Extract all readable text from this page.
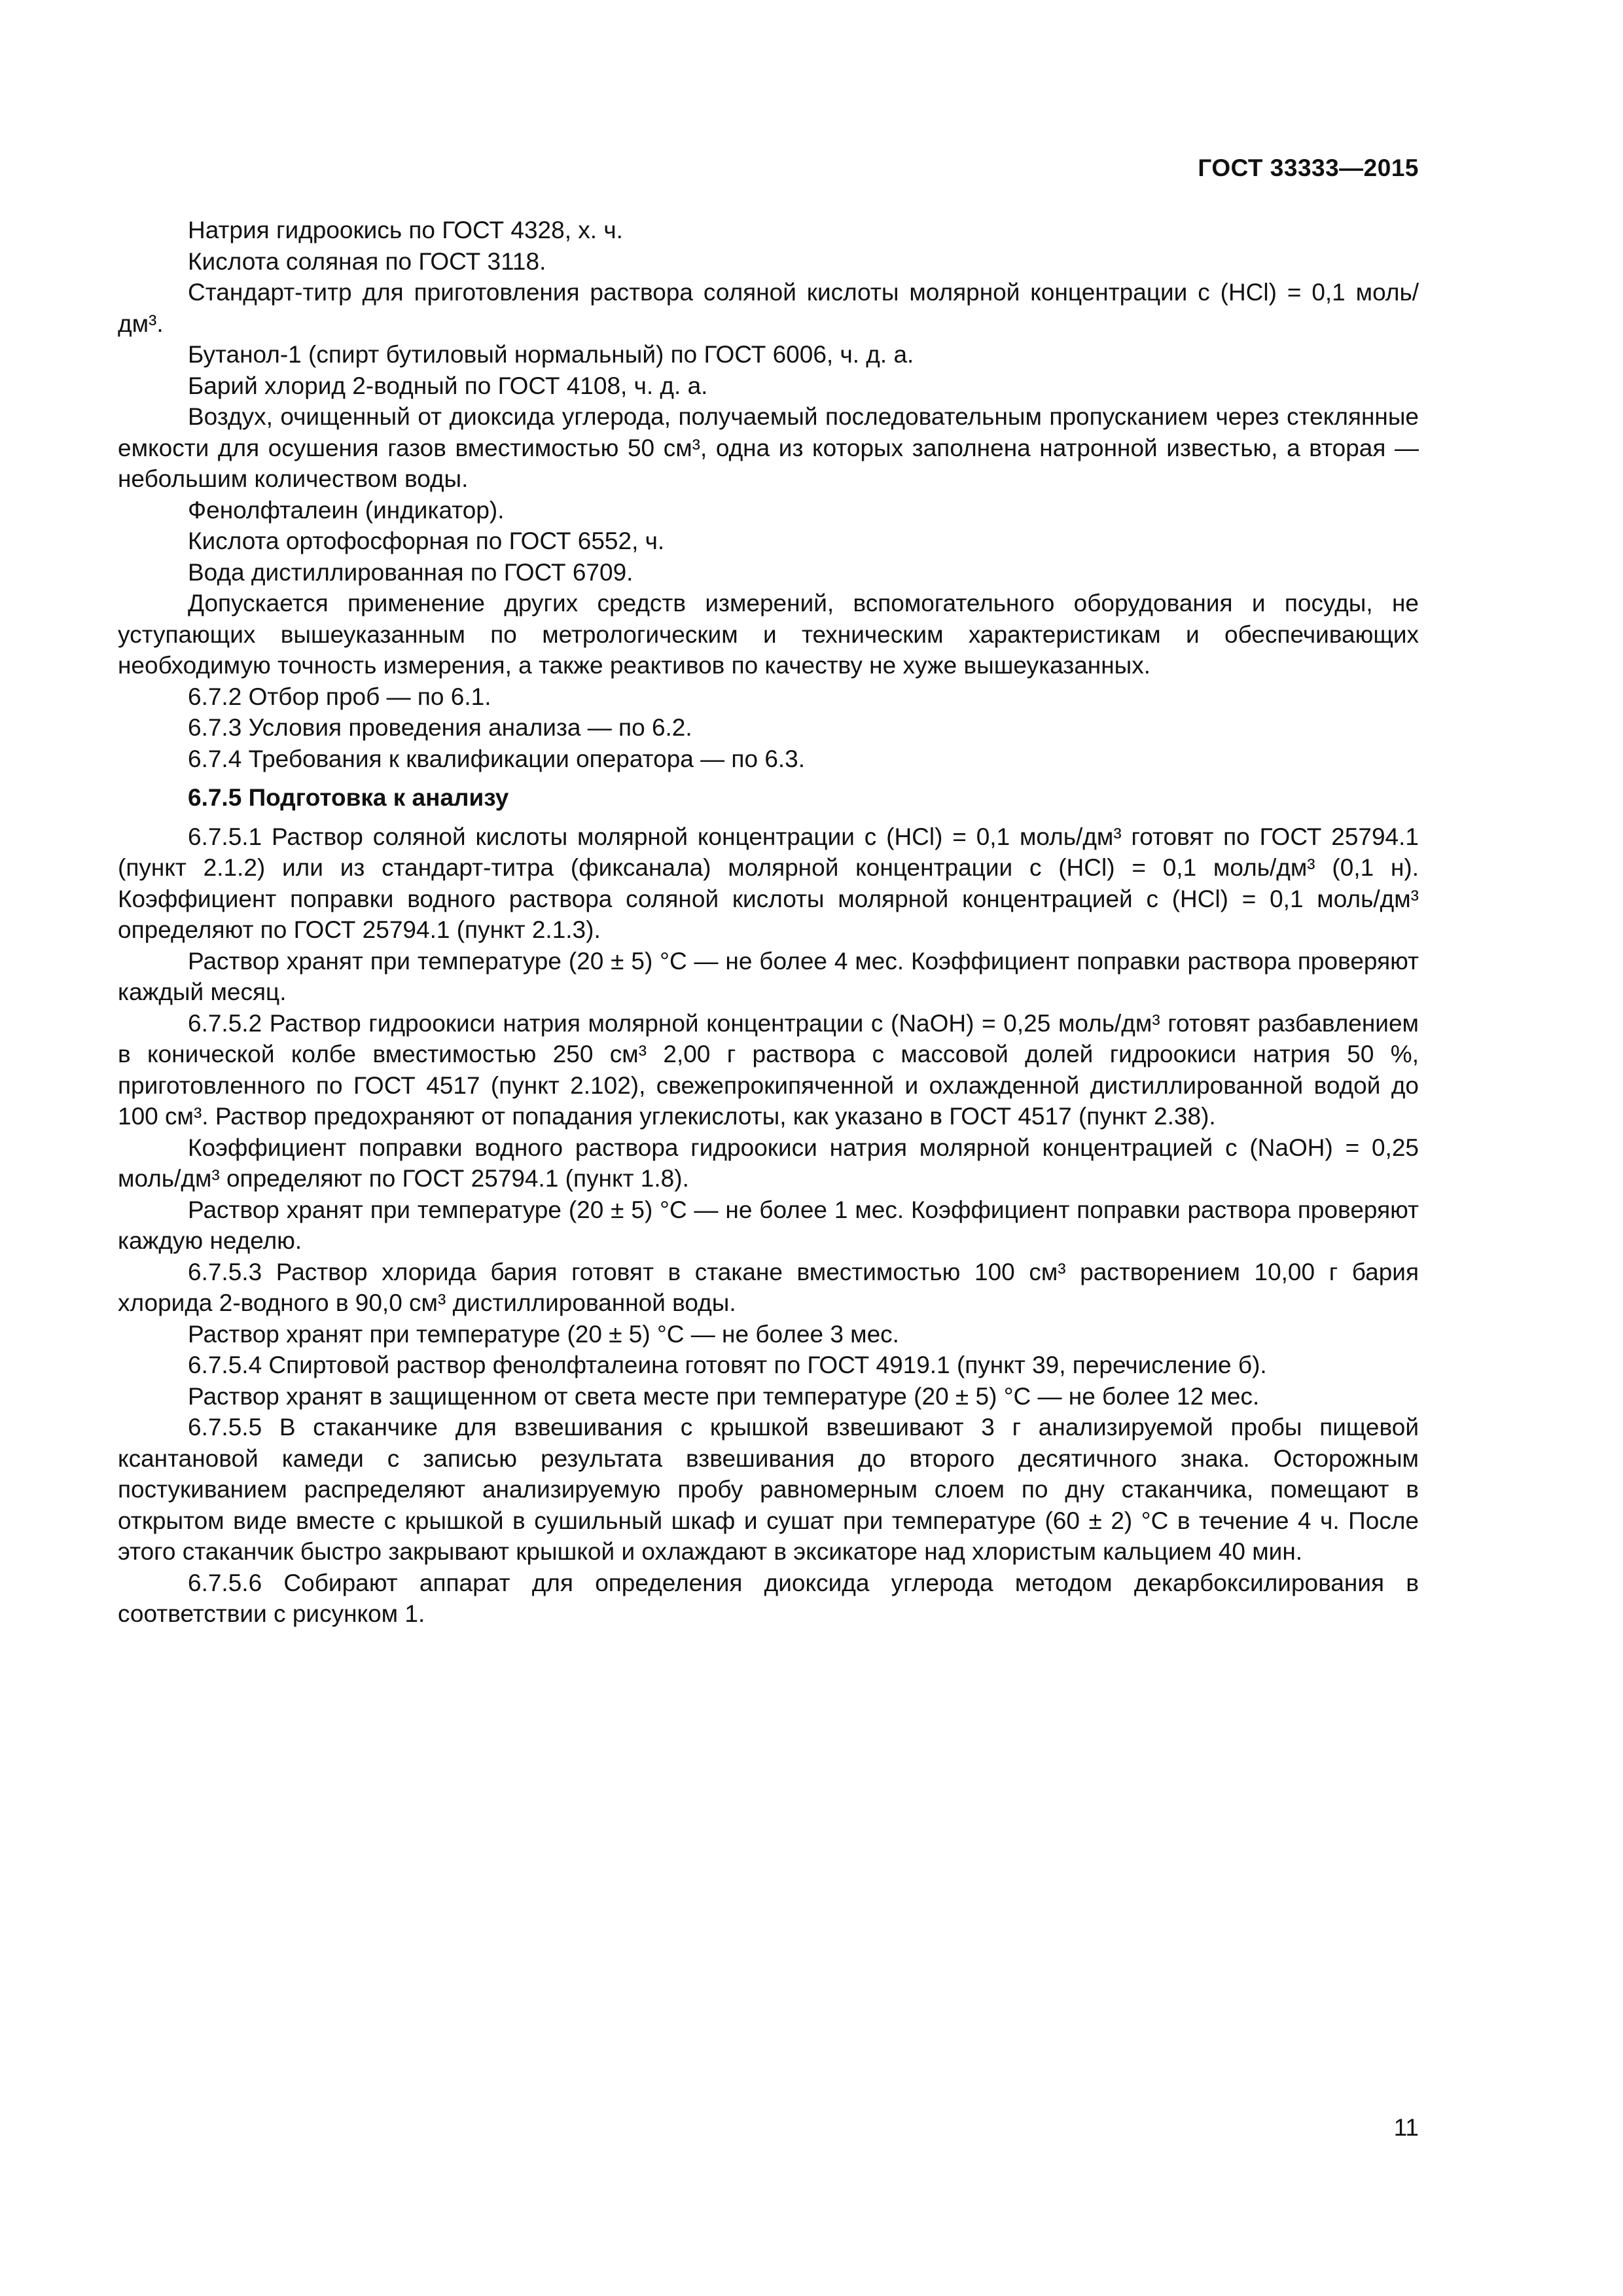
ГОСТ 33333—2015

Натрия гидроокись по ГОСТ 4328, х. ч.

Кислота соляная по ГОСТ 3118.

Стандарт-титр для приготовления раствора соляной кислоты молярной концентрации c (HCl) = 0,1 моль/дм³.

Бутанол-1 (спирт бутиловый нормальный) по ГОСТ 6006, ч. д. а.

Барий хлорид 2-водный по ГОСТ 4108, ч. д. а.

Воздух, очищенный от диоксида углерода, получаемый последовательным пропусканием через стеклянные емкости для осушения газов вместимостью 50 см³, одна из которых заполнена натронной известью, а вторая — небольшим количеством воды.

Фенолфталеин (индикатор).

Кислота ортофосфорная по ГОСТ 6552, ч.

Вода дистиллированная по ГОСТ 6709.

Допускается применение других средств измерений, вспомогательного оборудования и посуды, не уступающих вышеуказанным по метрологическим и техническим характеристикам и обеспечивающих необходимую точность измерения, а также реактивов по качеству не хуже вышеуказанных.

6.7.2 Отбор проб — по 6.1.

6.7.3 Условия проведения анализа — по 6.2.

6.7.4 Требования к квалификации оператора — по 6.3.

6.7.5 Подготовка к анализу

6.7.5.1 Раствор соляной кислоты молярной концентрации c (HCl) = 0,1 моль/дм³ готовят по ГОСТ 25794.1 (пункт 2.1.2) или из стандарт-титра (фиксанала) молярной концентрации c (HCl) = 0,1 моль/дм³ (0,1 н). Коэффициент поправки водного раствора соляной кислоты молярной концентрацией c (HCl) = 0,1 моль/дм³ определяют по ГОСТ 25794.1 (пункт 2.1.3).

Раствор хранят при температуре (20 ± 5) °С — не более 4 мес. Коэффициент поправки раствора проверяют каждый месяц.

6.7.5.2 Раствор гидроокиси натрия молярной концентрации c (NaOH) = 0,25 моль/дм³ готовят разбавлением в конической колбе вместимостью 250 см³ 2,00 г раствора с массовой долей гидроокиси натрия 50 %, приготовленного по ГОСТ 4517 (пункт 2.102), свежепрокипяченной и охлажденной дистиллированной водой до 100 см³. Раствор предохраняют от попадания углекислоты, как указано в ГОСТ 4517 (пункт 2.38).

Коэффициент поправки водного раствора гидроокиси натрия молярной концентрацией c (NaOH) = 0,25 моль/дм³ определяют по ГОСТ 25794.1 (пункт 1.8).

Раствор хранят при температуре (20 ± 5) °С — не более 1 мес. Коэффициент поправки раствора проверяют каждую неделю.

6.7.5.3 Раствор хлорида бария готовят в стакане вместимостью 100 см³ растворением 10,00 г бария хлорида 2-водного в 90,0 см³ дистиллированной воды.

Раствор хранят при температуре (20 ± 5) °С — не более 3 мес.

6.7.5.4 Спиртовой раствор фенолфталеина готовят по ГОСТ 4919.1 (пункт 39, перечисление б).

Раствор хранят в защищенном от света месте при температуре (20 ± 5) °С — не более 12 мес.

6.7.5.5 В стаканчике для взвешивания с крышкой взвешивают 3 г анализируемой пробы пищевой ксантановой камеди с записью результата взвешивания до второго десятичного знака. Осторожным постукиванием распределяют анализируемую пробу равномерным слоем по дну стаканчика, помещают в открытом виде вместе с крышкой в сушильный шкаф и сушат при температуре (60 ± 2) °С в течение 4 ч. После этого стаканчик быстро закрывают крышкой и охлаждают в эксикаторе над хлористым кальцием 40 мин.

6.7.5.6 Собирают аппарат для определения диоксида углерода методом декарбоксилирования в соответствии с рисунком 1.

11
